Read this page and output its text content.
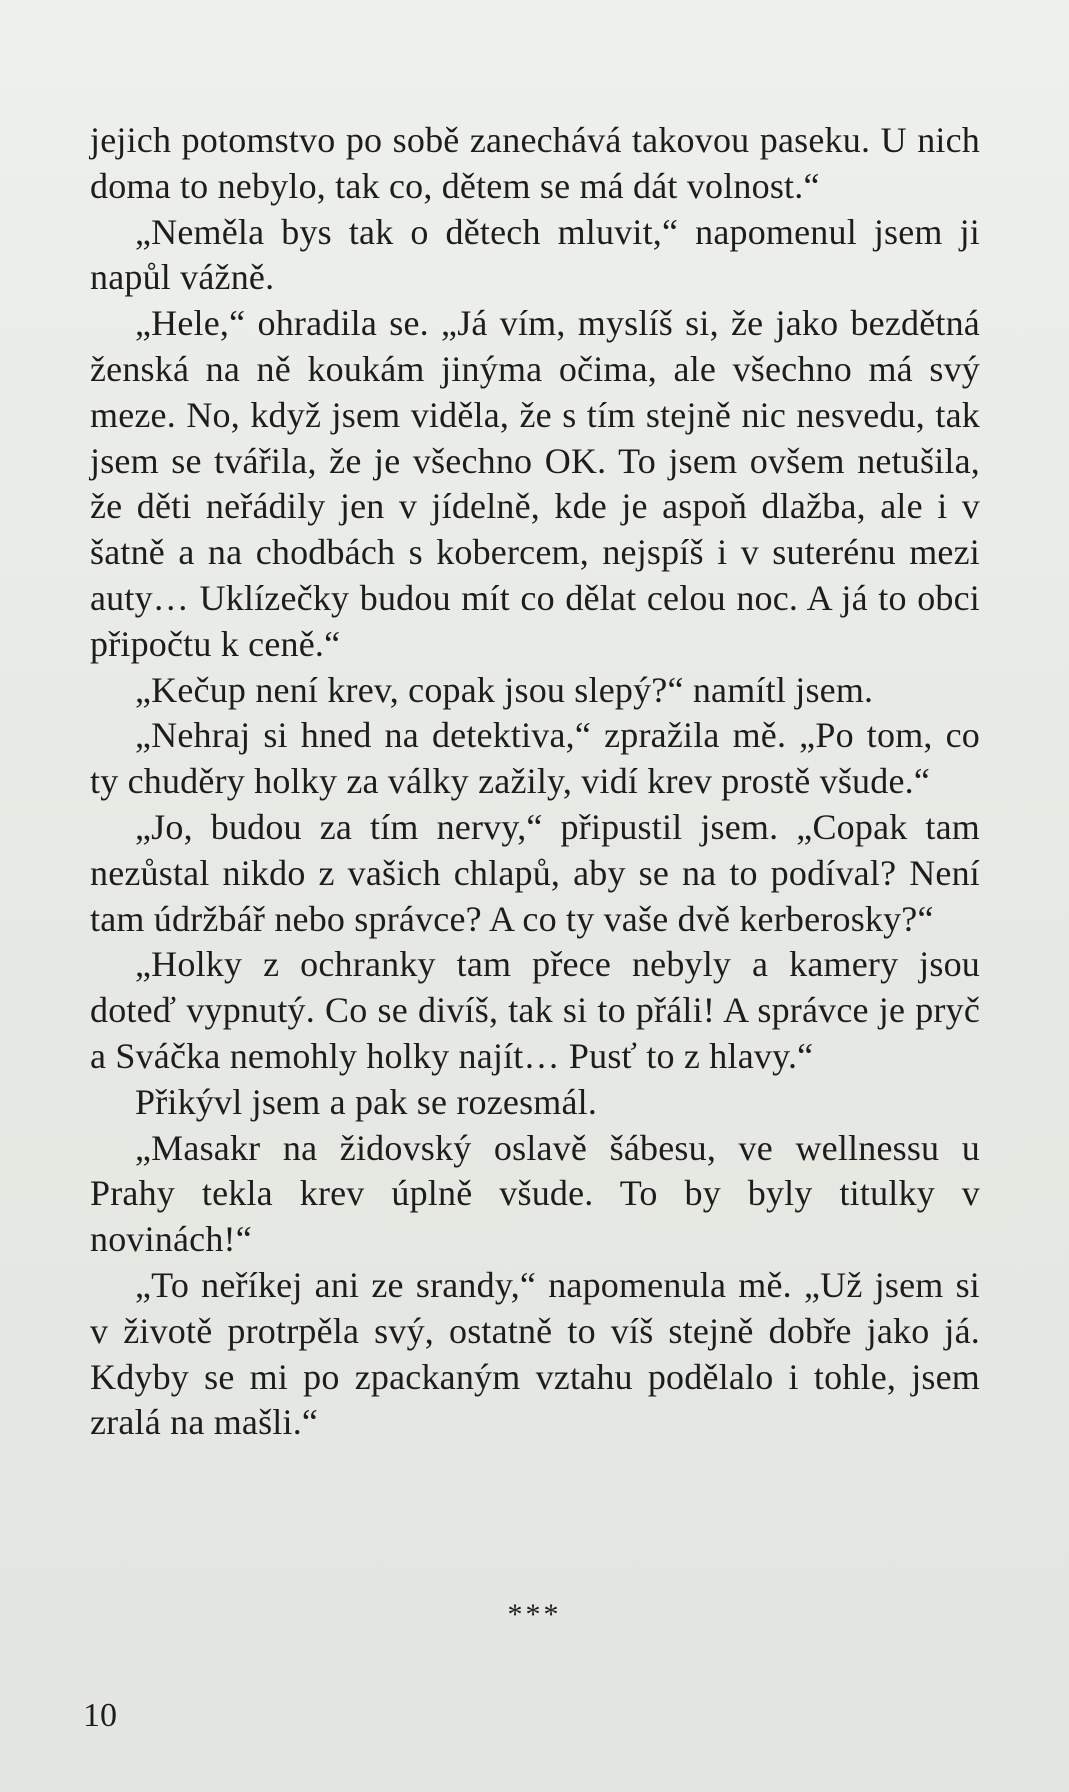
jejich potomstvo po sobě zanechává takovou paseku. U nich doma to nebylo, tak co, dětem se má dát volnost.“

„Neměla bys tak o dětech mluvit,“ napomenul jsem ji napůl vážně.

„Hele,“ ohradila se. „Já vím, myslíš si, že jako bezdětná ženská na ně koukám jinýma očima, ale všechno má svý meze. No, když jsem viděla, že s tím stejně nic nesvedu, tak jsem se tvářila, že je všechno OK. To jsem ovšem netušila, že děti neřádily jen v jídelně, kde je aspoň dlažba, ale i v šatně a na chodbách s kobercem, nejspíš i v suterénu mezi auty… Uklízečky budou mít co dělat celou noc. A já to obci připočtu k ceně.“

„Kečup není krev, copak jsou slepý?“ namítl jsem.

„Nehraj si hned na detektiva,“ zpražila mě. „Po tom, co ty chuděry holky za války zažily, vidí krev prostě všude.“

„Jo, budou za tím nervy,“ připustil jsem. „Copak tam nezůstal nikdo z vašich chlapů, aby se na to podíval? Není tam údržbář nebo správce? A co ty vaše dvě kerberosky?“

„Holky z ochranky tam přece nebyly a kamery jsou doteď vypnutý. Co se divíš, tak si to přáli! A správce je pryč a Sváčka nemohly holky najít… Pusť to z hlavy.“

Přikývl jsem a pak se rozesmál.

„Masakr na židovský oslavě šábesu, ve wellnessu u Prahy tekla krev úplně všude. To by byly titulky v novinách!“

„To neříkej ani ze srandy,“ napomenula mě. „Už jsem si v životě protrpěla svý, ostatně to víš stejně dobře jako já. Kdyby se mi po zpackaným vztahu podělalo i tohle, jsem zralá na mašli.“

***
10
